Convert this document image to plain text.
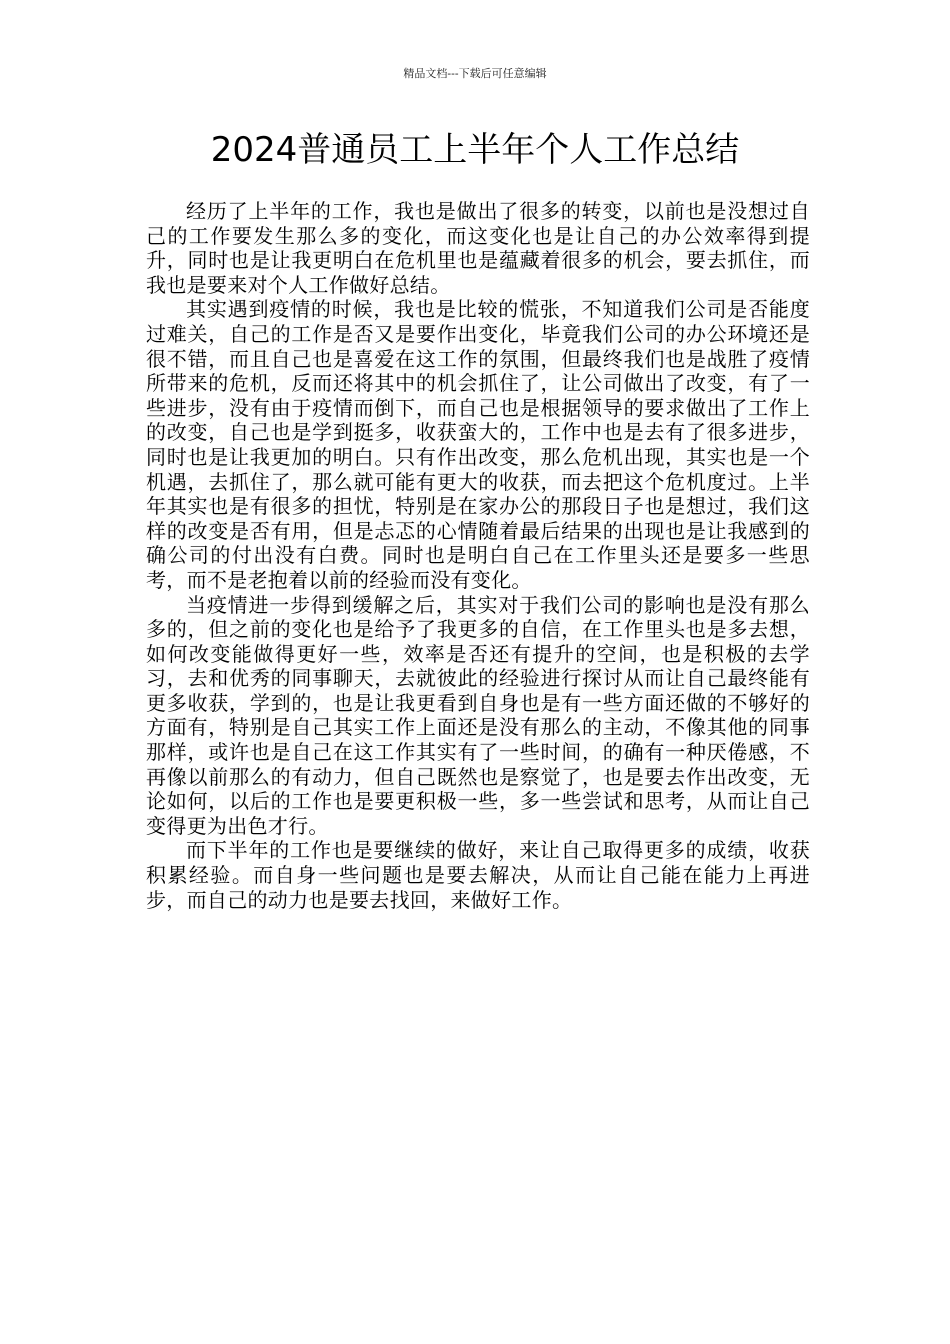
精品文档---下载后可任意编辑
2024普通员工上半年个人工作总结

经历了上半年的工作，我也是做出了很多的转变，以前也是没想过自己的工作要发生那么多的变化，而这变化也是让自己的办公效率得到提升，同时也是让我更明白在危机里也是蕴藏着很多的机会，要去抓住，而我也是要来对个人工作做好总结。

其实遇到疫情的时候，我也是比较的慌张，不知道我们公司是否能度过难关，自己的工作是否又是要作出变化，毕竟我们公司的办公环境还是很不错，而且自己也是喜爱在这工作的氛围，但最终我们也是战胜了疫情所带来的危机，反而还将其中的机会抓住了，让公司做出了改变，有了一些进步，没有由于疫情而倒下，而自己也是根据领导的要求做出了工作上的改变，自己也是学到挺多，收获蛮大的，工作中也是去有了很多进步，同时也是让我更加的明白。只有作出改变，那么危机出现，其实也是一个机遇，去抓住了，那么就可能有更大的收获，而去把这个危机度过。上半年其实也是有很多的担忧，特别是在家办公的那段日子也是想过，我们这样的改变是否有用，但是忐忑的心情随着最后结果的出现也是让我感到的确公司的付出没有白费。同时也是明白自己在工作里头还是要多一些思考，而不是老抱着以前的经验而没有变化。

当疫情进一步得到缓解之后，其实对于我们公司的影响也是没有那么多的，但之前的变化也是给予了我更多的自信，在工作里头也是多去想，如何改变能做得更好一些，效率是否还有提升的空间，也是积极的去学习，去和优秀的同事聊天，去就彼此的经验进行探讨从而让自己最终能有更多收获，学到的，也是让我更看到自身也是有一些方面还做的不够好的方面有，特别是自己其实工作上面还是没有那么的主动，不像其他的同事那样，或许也是自己在这工作其实有了一些时间，的确有一种厌倦感，不再像以前那么的有动力，但自己既然也是察觉了，也是要去作出改变，无论如何，以后的工作也是要更积极一些，多一些尝试和思考，从而让自己变得更为出色才行。

而下半年的工作也是要继续的做好，来让自己取得更多的成绩，收获积累经验。而自身一些问题也是要去解决，从而让自己能在能力上再进步，而自己的动力也是要去找回，来做好工作。
